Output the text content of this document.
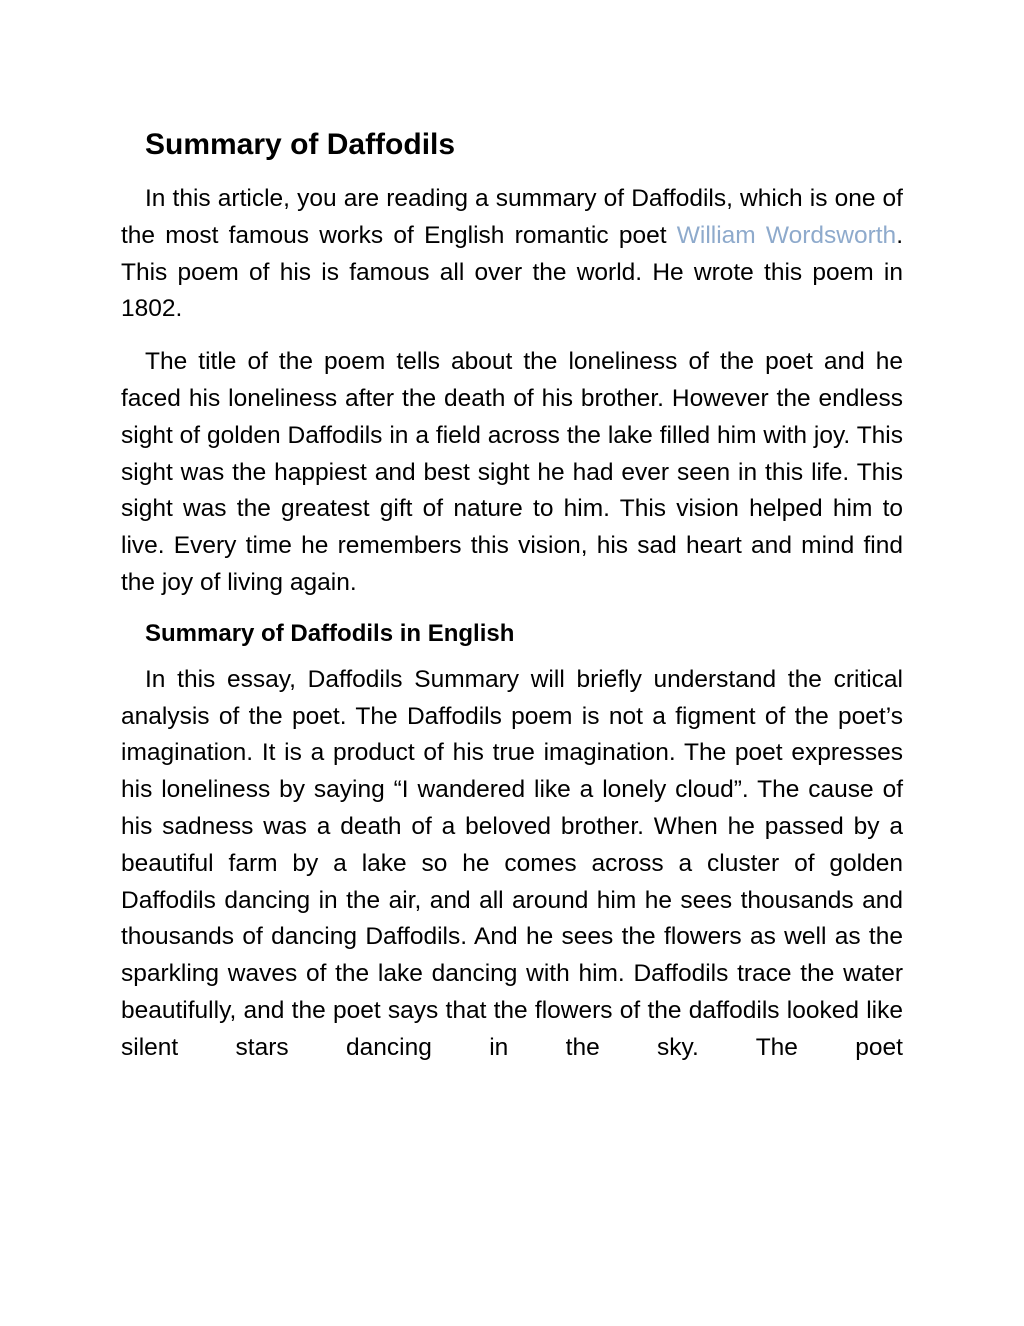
Summary of Daffodils

In this article, you are reading a summary of Daffodils, which is one of the most famous works of English romantic poet William Wordsworth. This poem of his is famous all over the world. He wrote this poem in 1802.

The title of the poem tells about the loneliness of the poet and he faced his loneliness after the death of his brother. However the endless sight of golden Daffodils in a field across the lake filled him with joy. This sight was the happiest and best sight he had ever seen in this life. This sight was the greatest gift of nature to him. This vision helped him to live. Every time he remembers this vision, his sad heart and mind find the joy of living again.

Summary of Daffodils in English

In this essay, Daffodils Summary will briefly understand the critical analysis of the poet. The Daffodils poem is not a figment of the poet’s imagination. It is a product of his true imagination. The poet expresses his loneliness by saying “I wandered like a lonely cloud”. The cause of his sadness was a death of a beloved brother. When he passed by a beautiful farm by a lake so he comes across a cluster of golden Daffodils dancing in the air, and all around him he sees thousands and thousands of dancing Daffodils. And he sees the flowers as well as the sparkling waves of the lake dancing with him. Daffodils trace the water beautifully, and the poet says that the flowers of the daffodils looked like silent stars dancing in the sky. The poet
